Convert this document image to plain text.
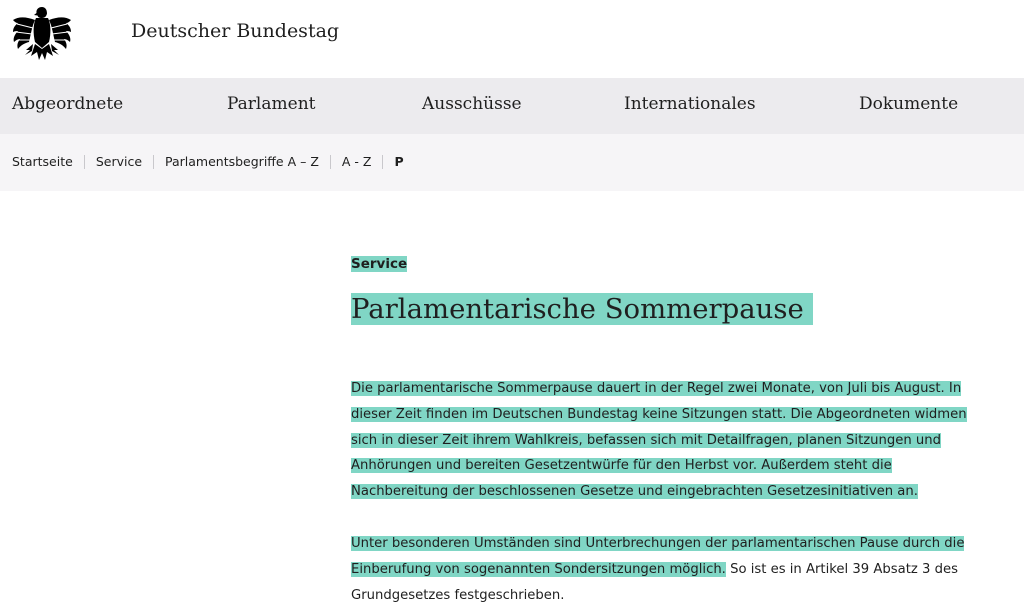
Deutscher Bundestag
Abgeordnete	Parlament	Ausschüsse	Internationales	Dokumente
Startseite Service Parlamentsbegriffe A – Z A - Z P

Service

Parlamentarische Sommerpause

Die parlamentarische Sommerpause dauert in der Regel zwei Monate, von Juli bis August. In dieser Zeit finden im Deutschen Bundestag keine Sitzungen statt. Die Abgeordneten widmen sich in dieser Zeit ihrem Wahlkreis, befassen sich mit Detailfragen, planen Sitzungen und Anhörungen und bereiten Gesetzentwürfe für den Herbst vor. Außerdem steht die Nachbereitung der beschlossenen Gesetze und eingebrachten Gesetzesinitiativen an.

Unter besonderen Umständen sind Unterbrechungen der parlamentarischen Pause durch die Einberufung von sogenannten Sondersitzungen möglich. So ist es in Artikel 39 Absatz 3 des Grundgesetzes festgeschrieben.
